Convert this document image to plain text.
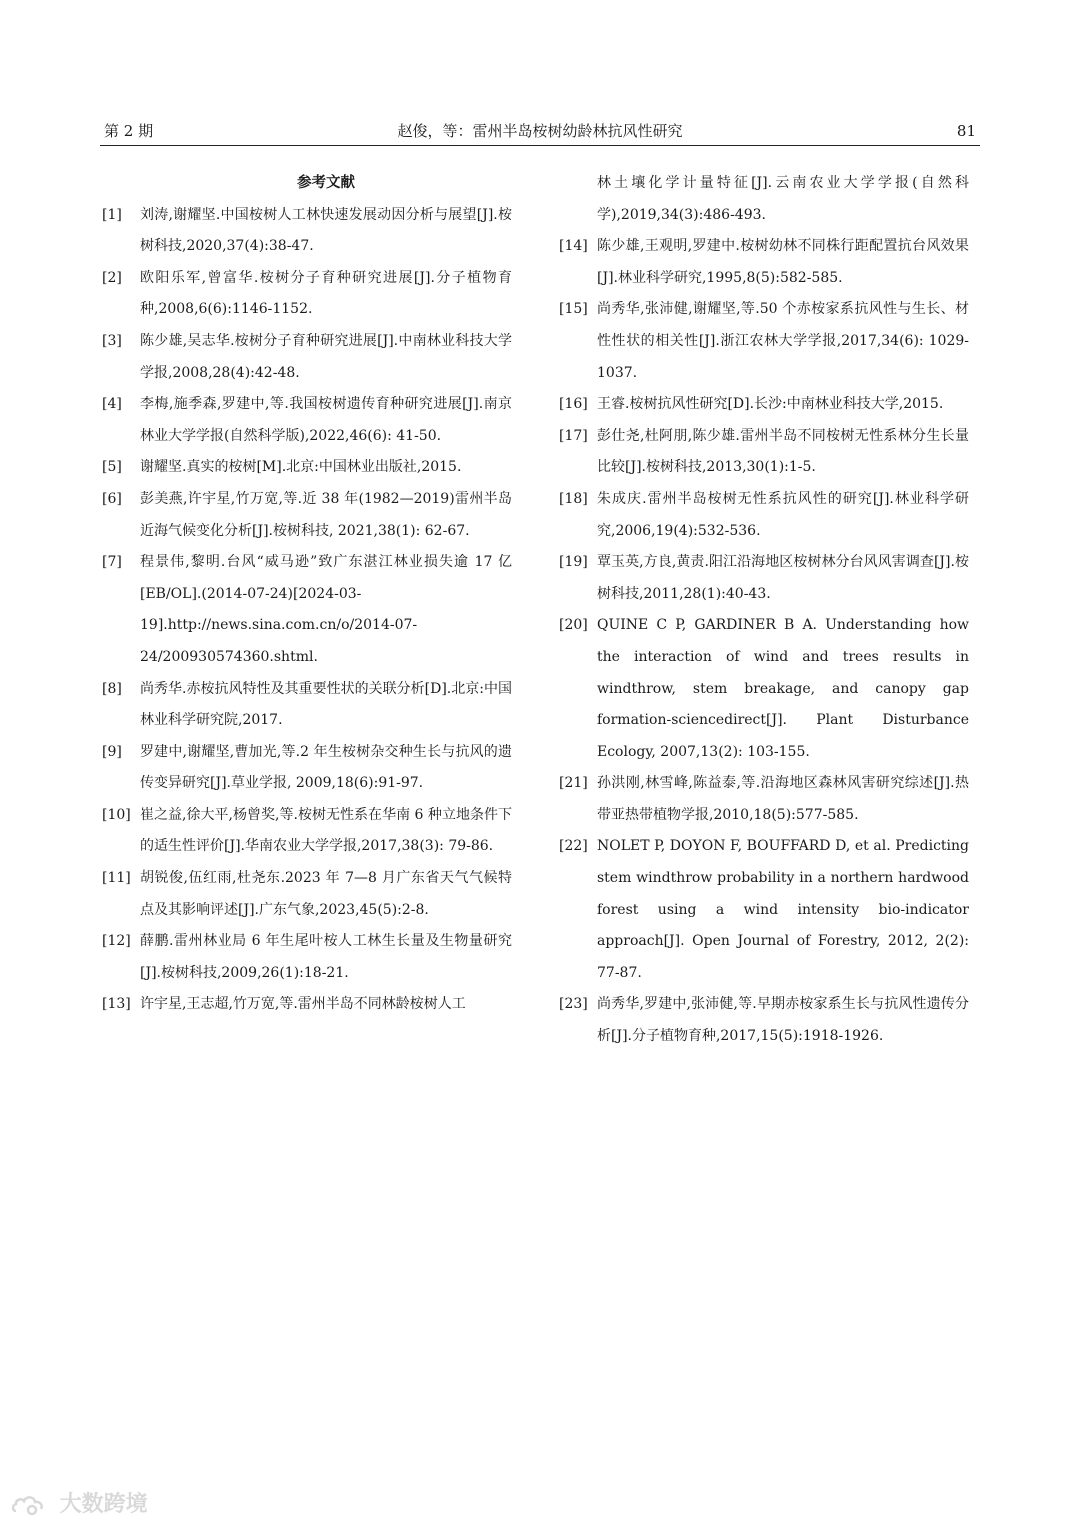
第 2 期	赵俊，等：雷州半岛桉树幼龄林抗风性研究	81
参考文献
[1] 刘涛,谢耀坚.中国桉树人工林快速发展动因分析与展望[J].桉树科技,2020,37(4):38-47.
[2] 欧阳乐军,曾富华.桉树分子育种研究进展[J].分子植物育种,2008,6(6):1146-1152.
[3] 陈少雄,吴志华.桉树分子育种研究进展[J].中南林业科技大学学报,2008,28(4):42-48.
[4] 李梅,施季森,罗建中,等.我国桉树遗传育种研究进展[J].南京林业大学学报(自然科学版),2022,46(6): 41-50.
[5] 谢耀坚.真实的桉树[M].北京:中国林业出版社,2015.
[6] 彭美燕,许宇星,竹万宽,等.近 38 年(1982—2019)雷州半岛近海气候变化分析[J].桉树科技, 2021,38(1): 62-67.
[7] 程景伟,黎明.台风“威马逊”致广东湛江林业损失逾 17 亿[EB/OL].(2014-07-24)[2024-03-19].http://news.sina.com.cn/o/2014-07-24/200930574360.shtml.
[8] 尚秀华.赤桉抗风特性及其重要性状的关联分析[D].北京:中国林业科学研究院,2017.
[9] 罗建中,谢耀坚,曹加光,等.2 年生桉树杂交种生长与抗风的遗传变异研究[J].草业学报, 2009,18(6):91-97.
[10] 崔之益,徐大平,杨曾奖,等.桉树无性系在华南 6 种立地条件下的适生性评价[J].华南农业大学学报,2017,38(3): 79-86.
[11] 胡锐俊,伍红雨,杜尧东.2023 年 7—8 月广东省天气气候特点及其影响评述[J].广东气象,2023,45(5):2-8.
[12] 薛鹏.雷州林业局 6 年生尾叶桉人工林生长量及生物量研究[J].桉树科技,2009,26(1):18-21.
[13] 许宇星,王志超,竹万宽,等.雷州半岛不同林龄桉树人工
林土壤化学计量特征[J].云南农业大学学报(自然科学),2019,34(3):486-493.
[14] 陈少雄,王观明,罗建中.桉树幼林不同株行距配置抗台风效果[J].林业科学研究,1995,8(5):582-585.
[15] 尚秀华,张沛健,谢耀坚,等.50 个赤桉家系抗风性与生长、材性性状的相关性[J].浙江农林大学学报,2017,34(6): 1029-1037.
[16] 王睿.桉树抗风性研究[D].长沙:中南林业科技大学,2015.
[17] 彭仕尧,杜阿朋,陈少雄.雷州半岛不同桉树无性系林分生长量比较[J].桉树科技,2013,30(1):1-5.
[18] 朱成庆.雷州半岛桉树无性系抗风性的研究[J].林业科学研究,2006,19(4):532-536.
[19] 覃玉英,方良,黄责.阳江沿海地区桉树林分台风风害调查[J].桉树科技,2011,28(1):40-43.
[20] QUINE C P, GARDINER B A. Understanding how the interaction of wind and trees results in windthrow, stem breakage, and canopy gap formation-sciencedirect[J]. Plant Disturbance Ecology, 2007,13(2): 103-155.
[21] 孙洪刚,林雪峰,陈益泰,等.沿海地区森林风害研究综述[J].热带亚热带植物学报,2010,18(5):577-585.
[22] NOLET P, DOYON F, BOUFFARD D, et al. Predicting stem windthrow probability in a northern hardwood forest using a wind intensity bio-indicator approach[J]. Open Journal of Forestry, 2012, 2(2): 77-87.
[23] 尚秀华,罗建中,张沛健,等.早期赤桉家系生长与抗风性遗传分析[J].分子植物育种,2017,15(5):1918-1926.
大数跨境
